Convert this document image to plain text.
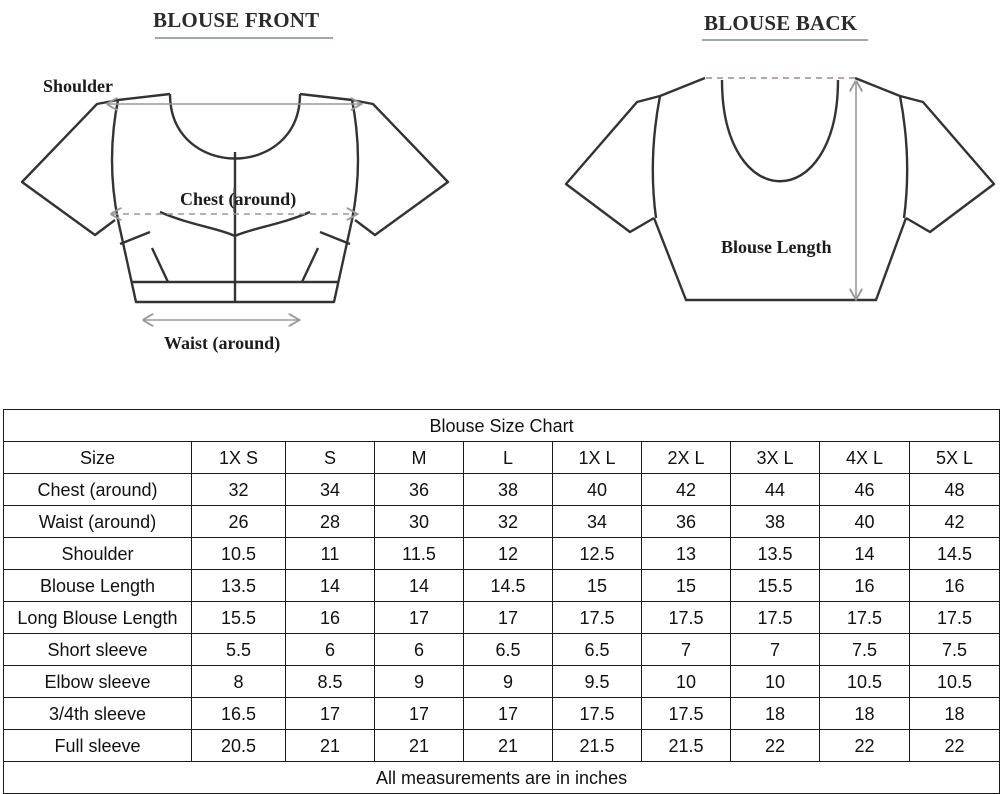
BLOUSE FRONT	BLOUSE BACK
Shoulder
Chest (around)
Waist (around)
Blouse Length
Blouse Size Chart									
Size	1X S	S	M	L	1X L	2X L	3X L	4X L	5X L
Chest (around)	32	34	36	38	40	42	44	46	48
Waist (around)	26	28	30	32	34	36	38	40	42
Shoulder	10.5	11	11.5	12	12.5	13	13.5	14	14.5
Blouse Length	13.5	14	14	14.5	15	15	15.5	16	16
Long Blouse Length	15.5	16	17	17	17.5	17.5	17.5	17.5	17.5
Short sleeve	5.5	6	6	6.5	6.5	7	7	7.5	7.5
Elbow sleeve	8	8.5	9	9	9.5	10	10	10.5	10.5
3/4th sleeve	16.5	17	17	17	17.5	17.5	18	18	18
Full sleeve	20.5	21	21	21	21.5	21.5	22	22	22
All measurements are in inches									
